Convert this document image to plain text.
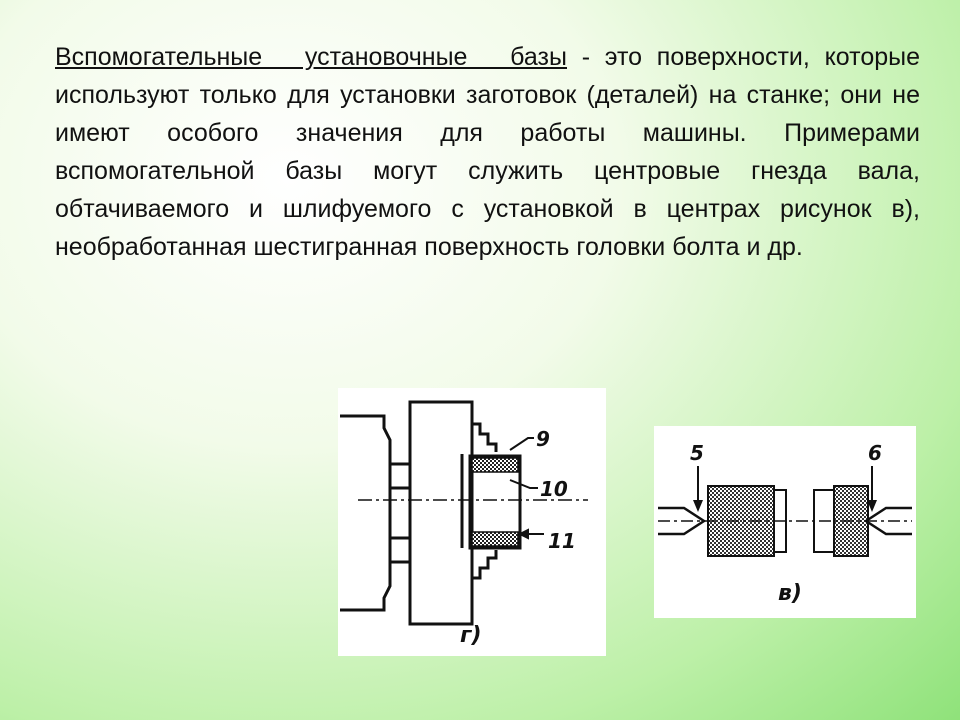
Вспомогательные установочные базы - это поверхности, которые используют только для установки заготовок (деталей) на станке; они не имеют особого значения для работы машины. Примерами вспомогательной базы могут служить центровые гнезда вала, обтачиваемого и шлифуемого с установкой в центрах рисунок в), необработанная шестигранная поверхность головки болта и др.
9
10
11
г)
5	6
в)
